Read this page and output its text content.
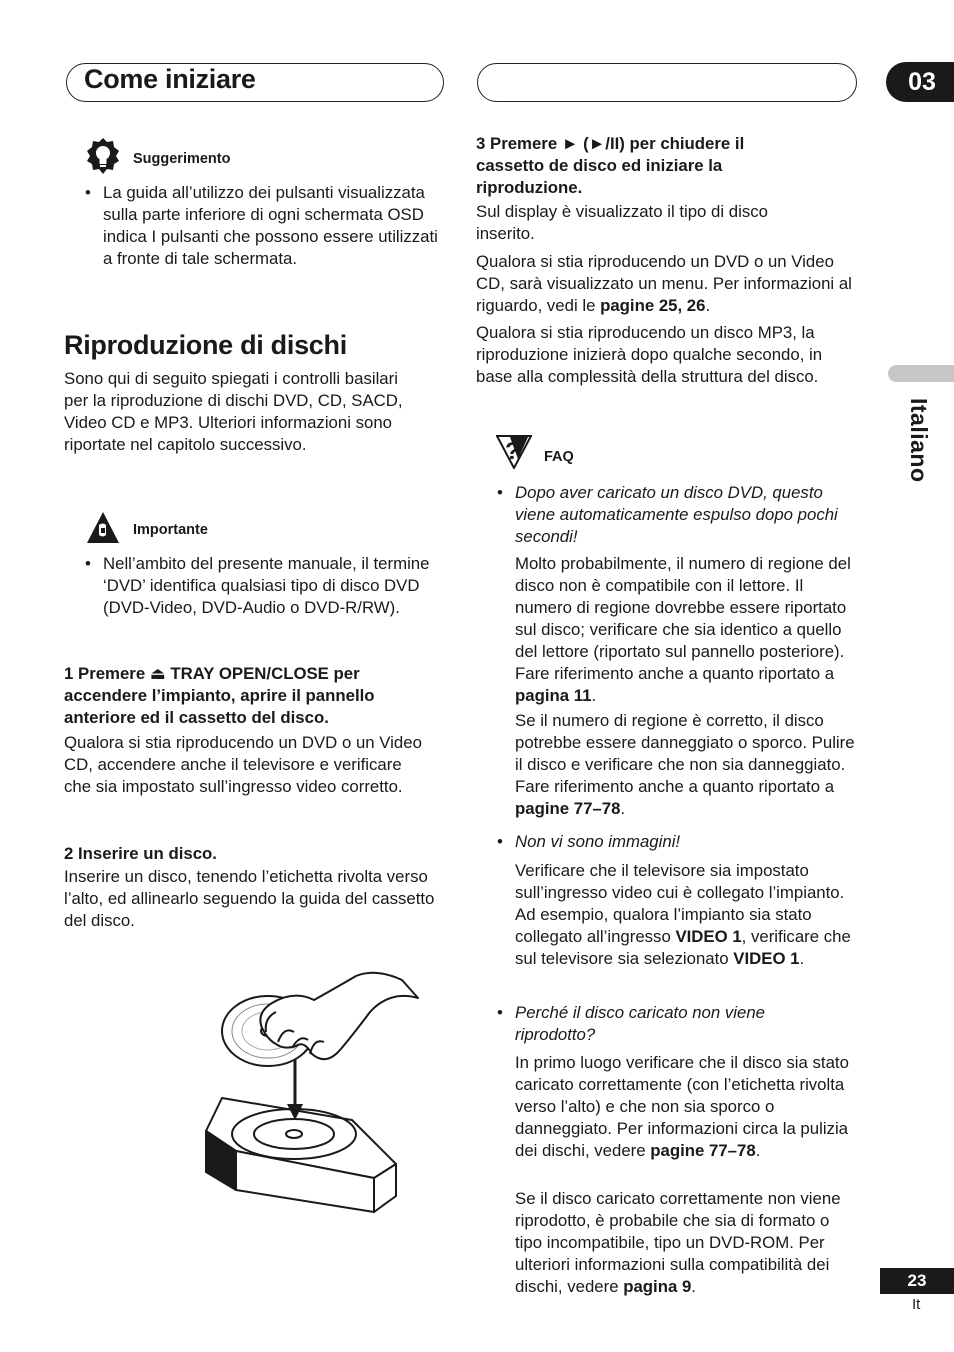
Come iniziare	03
Italiano
Suggerimento
• La guida all’utilizzo dei pulsanti visualizzata sulla parte inferiore di ogni schermata OSD indica I pulsanti che possono essere utilizzati a fronte di tale schermata.

Riproduzione di dischi

Sono qui di seguito spiegati i controlli basilari per la riproduzione di dischi DVD, CD, SACD, Video CD e MP3. Ulteriori informazioni sono riportate nel capitolo successivo.

Importante
• Nell’ambito del presente manuale, il termine ‘DVD’ identifica qualsiasi tipo di disco DVD (DVD-Video, DVD-Audio o DVD-R/RW).

1 Premere ⏏ TRAY OPEN/CLOSE per
accendere l’impianto, aprire il pannello
anteriore ed il cassetto del disco.

Qualora si stia riproducendo un DVD o un Video CD, accendere anche il televisore e verificare che sia impostato sull’ingresso video corretto.

2 Inserire un disco.

Inserire un disco, tenendo l’etichetta rivolta verso l’alto, ed allinearlo seguendo la guida del cassetto del disco.

3 Premere ► (►/II) per chiudere il
cassetto de disco ed iniziare la
riproduzione.

Sul display è visualizzato il tipo di disco inserito.

Qualora si stia riproducendo un DVD o un Video CD, sarà visualizzato un menu. Per informazioni al riguardo, vedi le pagine 25, 26.

Qualora si stia riproducendo un disco MP3, la riproduzione inizierà dopo qualche secondo, in base alla complessità della struttura del disco.

? FAQ
• Dopo aver caricato un disco DVD, questo viene automaticamente espulso dopo pochi secondi!

Molto probabilmente, il numero di regione del disco non è compatibile con il lettore. Il numero di regione dovrebbe essere riportato sul disco; verificare che sia identico a quello del lettore (riportato sul pannello posteriore). Fare riferimento anche a quanto riportato a pagina 11.

Se il numero di regione è corretto, il disco potrebbe essere danneggiato o sporco. Pulire il disco e verificare che non sia danneggiato. Fare riferimento anche a quanto riportato a pagine 77–78.

• Non vi sono immagini!

Verificare che il televisore sia impostato sull’ingresso video cui è collegato l’impianto. Ad esempio, qualora l’impianto sia stato collegato all’ingresso VIDEO 1, verificare che sul televisore sia selezionato VIDEO 1.

• Perché il disco caricato non viene riprodotto?

In primo luogo verificare che il disco sia stato caricato correttamente (con l’etichetta rivolta verso l’alto) e che non sia sporco o danneggiato. Per informazioni circa la pulizia dei dischi, vedere pagine 77–78.

Se il disco caricato correttamente non viene riprodotto, è probabile che sia di formato o tipo incompatibile, tipo un DVD-ROM. Per ulteriori informazioni sulla compatibilità dei dischi, vedere pagina 9.	23
It
